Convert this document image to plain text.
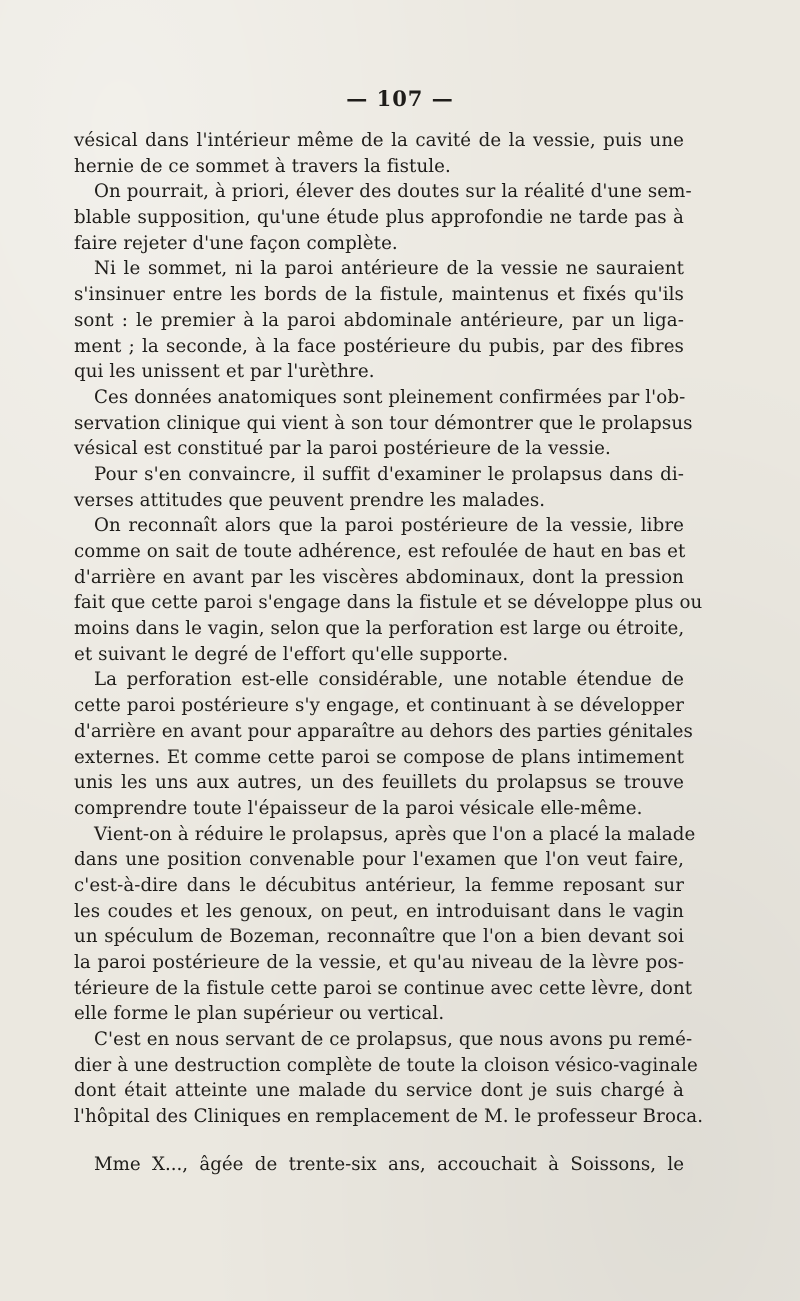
— 107 —
vésical dans l'intérieur même de la cavité de la vessie, puis une
hernie de ce sommet à travers la fistule.
On pourrait, à priori, élever des doutes sur la réalité d'une sem-
blable supposition, qu'une étude plus approfondie ne tarde pas à
faire rejeter d'une façon complète.
Ni le sommet, ni la paroi antérieure de la vessie ne sauraient
s'insinuer entre les bords de la fistule, maintenus et fixés qu'ils
sont : le premier à la paroi abdominale antérieure, par un liga-
ment ; la seconde, à la face postérieure du pubis, par des fibres
qui les unissent et par l'urèthre.
Ces données anatomiques sont pleinement confirmées par l'ob-
servation clinique qui vient à son tour démontrer que le prolapsus
vésical est constitué par la paroi postérieure de la vessie.
Pour s'en convaincre, il suffit d'examiner le prolapsus dans di-
verses attitudes que peuvent prendre les malades.
On reconnaît alors que la paroi postérieure de la vessie, libre
comme on sait de toute adhérence, est refoulée de haut en bas et
d'arrière en avant par les viscères abdominaux, dont la pression
fait que cette paroi s'engage dans la fistule et se développe plus ou
moins dans le vagin, selon que la perforation est large ou étroite,
et suivant le degré de l'effort qu'elle supporte.
La perforation est-elle considérable, une notable étendue de
cette paroi postérieure s'y engage, et continuant à se développer
d'arrière en avant pour apparaître au dehors des parties génitales
externes. Et comme cette paroi se compose de plans intimement
unis les uns aux autres, un des feuillets du prolapsus se trouve
comprendre toute l'épaisseur de la paroi vésicale elle-même.
Vient-on à réduire le prolapsus, après que l'on a placé la malade
dans une position convenable pour l'examen que l'on veut faire,
c'est-à-dire dans le décubitus antérieur, la femme reposant sur
les coudes et les genoux, on peut, en introduisant dans le vagin
un spéculum de Bozeman, reconnaître que l'on a bien devant soi
la paroi postérieure de la vessie, et qu'au niveau de la lèvre pos-
térieure de la fistule cette paroi se continue avec cette lèvre, dont
elle forme le plan supérieur ou vertical.
C'est en nous servant de ce prolapsus, que nous avons pu remé-
dier à une destruction complète de toute la cloison vésico-vaginale
dont était atteinte une malade du service dont je suis chargé à
l'hôpital des Cliniques en remplacement de M. le professeur Broca.
Mme X..., âgée de trente-six ans, accouchait à Soissons, le
